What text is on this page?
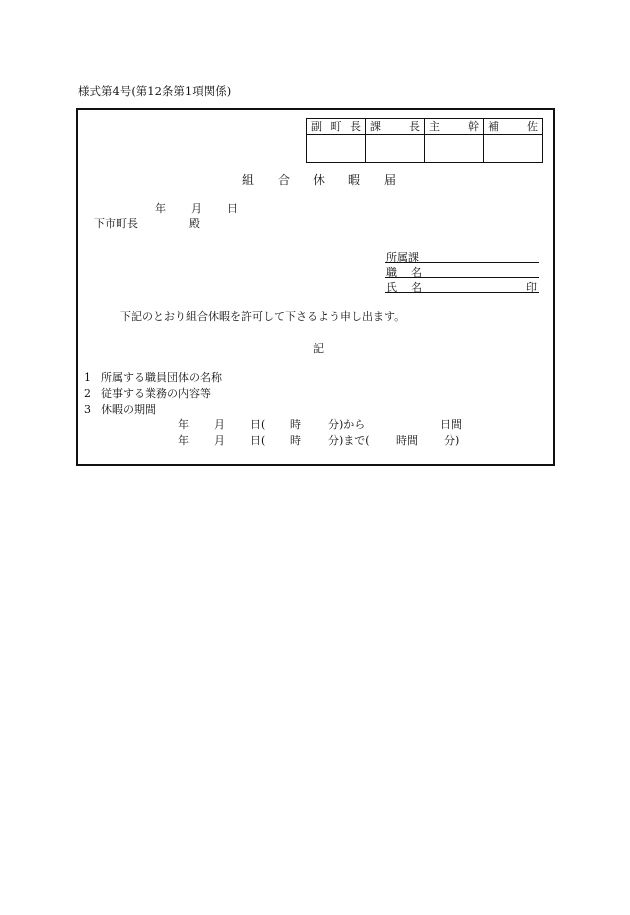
様式第4号(第12条第1項関係)
副 町 長	課 長	主 幹	補 佐

組 合 休 暇 届
年 月 日
下市町長	殿
所属課
職 名
氏 名	印
下記のとおり組合休暇を許可して下さるよう申し出ます。
記
1 所属する職員団体の名称
2 従事する業務の内容等
3 休暇の期間
年 月 日( 時 分)から	日間
年 月 日( 時 分)まで( 時間 分)
